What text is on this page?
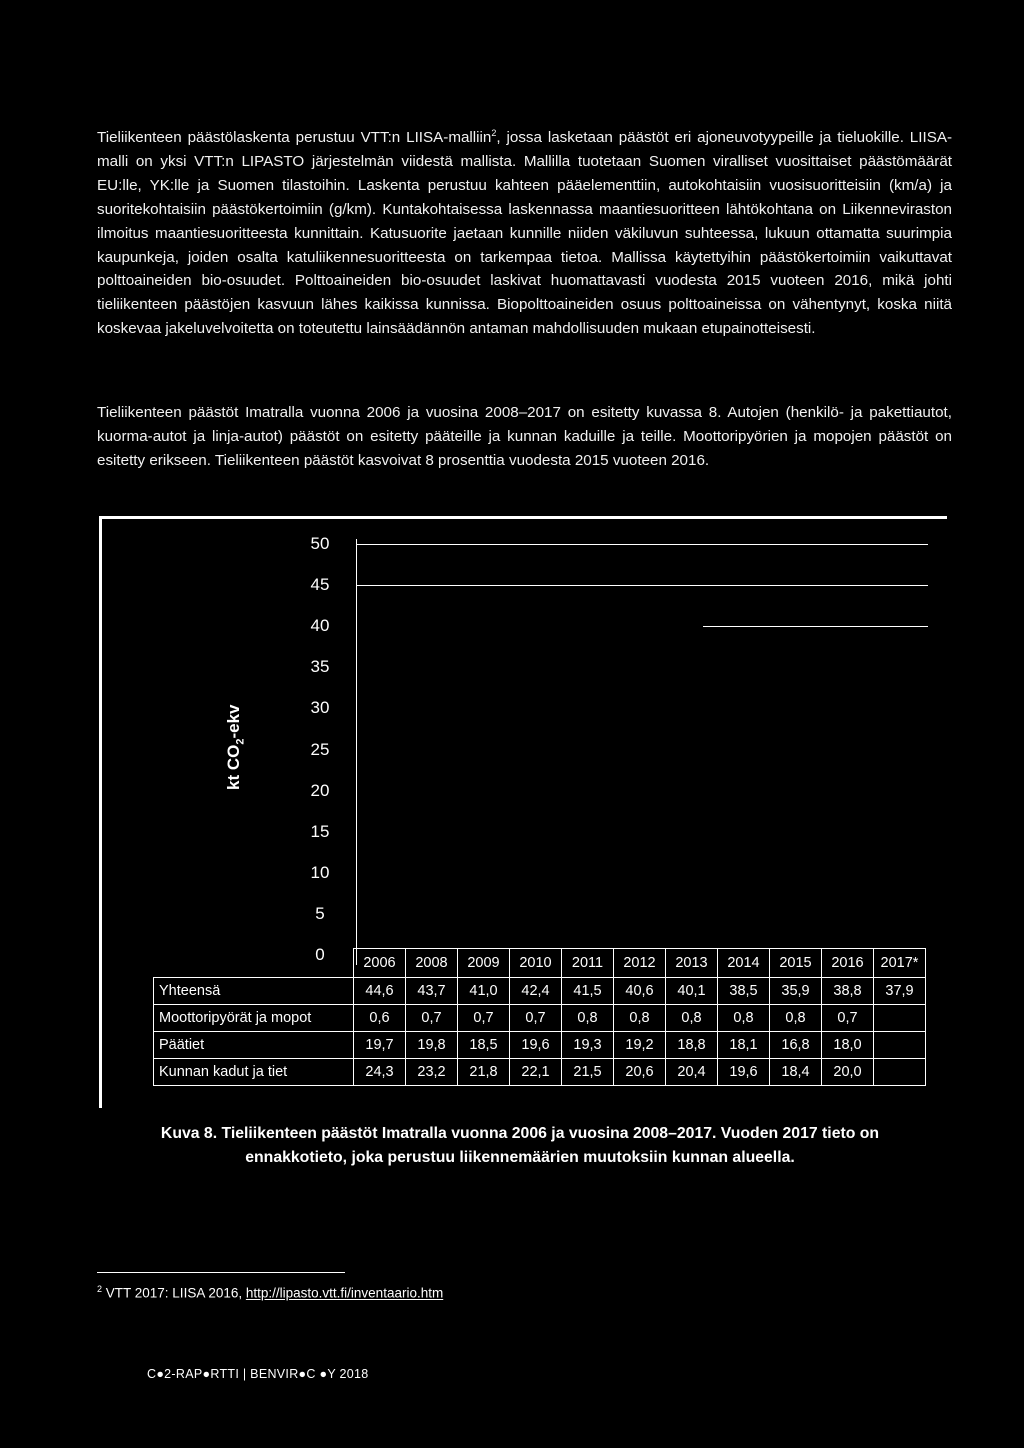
Tieliikenteen päästölaskenta perustuu VTT:n LIISA-malliin$^2$, jossa lasketaan päästöt eri ajoneuvotyypeille ja tieluokille. LIISA-malli on yksi VTT:n LIPASTO järjestelmän viidestä mallista. Mallilla tuotetaan Suomen viralliset vuosittaiset päästömäärät EU:lle, YK:lle ja Suomen tilastoihin. Laskenta perustuu kahteen pääelementtiin, autokohtaisiin vuosisuoritteisiin (km/a) ja suoritekohtaisiin päästökertoimiin (g/km). Kuntakohtaisessa laskennassa maantiesuoritteen lähtökohtana on Liikenneviraston ilmoitus maantiesuoritteesta kunnittain. Katusuorite jaetaan kunnille niiden väkiluvun suhteessa, lukuun ottamatta suurimpia kaupunkeja, joiden osalta katuliikennesuoritteesta on tarkempaa tietoa. Mallissa käytettyihin päästökertoimiin vaikuttavat polttoaineiden bio-osuudet. Polttoaineiden bio-osuudet laskivat huomattavasti vuodesta 2015 vuoteen 2016, mikä johti tieliikenteen päästöjen kasvuun lähes kaikissa kunnissa. Biopolttoaineiden osuus polttoaineissa on vähentynyt, koska niitä koskevaa jakeluvelvoitetta on toteutettu lainsäädännön antaman mahdollisuuden mukaan etupainotteisesti.

Tieliikenteen päästöt Imatralla vuonna 2006 ja vuosina 2008–2017 on esitetty kuvassa 8. Autojen (henkilö- ja pakettiautot, kuorma-autot ja linja-autot) päästöt on esitetty pääteille ja kunnan kaduille ja teille. Moottoripyörien ja mopojen päästöt on esitetty erikseen. Tieliikenteen päästöt kasvoivat 8 prosenttia vuodesta 2015 vuoteen 2016.

kt $CO_2$-ekv
50
45
40
35
30
25
20
15
10
5
0
		2006	2008	2009	2010	2011	2012	2013	2014	2015	2016	2017*
Yhteensä	44,6	43,7	41,0	42,4	41,5	40,6	40,1	38,5	35,9	38,8	37,9
Moottoripyörät ja mopot	0,6	0,7	0,7	0,7	0,8	0,8	0,8	0,8	0,8	0,7	
Päätiet	19,7	19,8	18,5	19,6	19,3	19,2	18,8	18,1	16,8	18,0	
Kunnan kadut ja tiet	24,3	23,2	21,8	22,1	21,5	20,6	20,4	19,6	18,4	20,0	
Kuva 8. Tieliikenteen päästöt Imatralla vuonna 2006 ja vuosina 2008–2017. Vuoden 2017 tieto on ennakkotieto, joka perustuu liikennemäärien muutoksiin kunnan alueella.
$^2$ VTT 2017: LIISA 2016, http://lipasto.vtt.fi/inventaario.htm
C●2-RAP●RTTI | BENVIR●C ●Y 2018
